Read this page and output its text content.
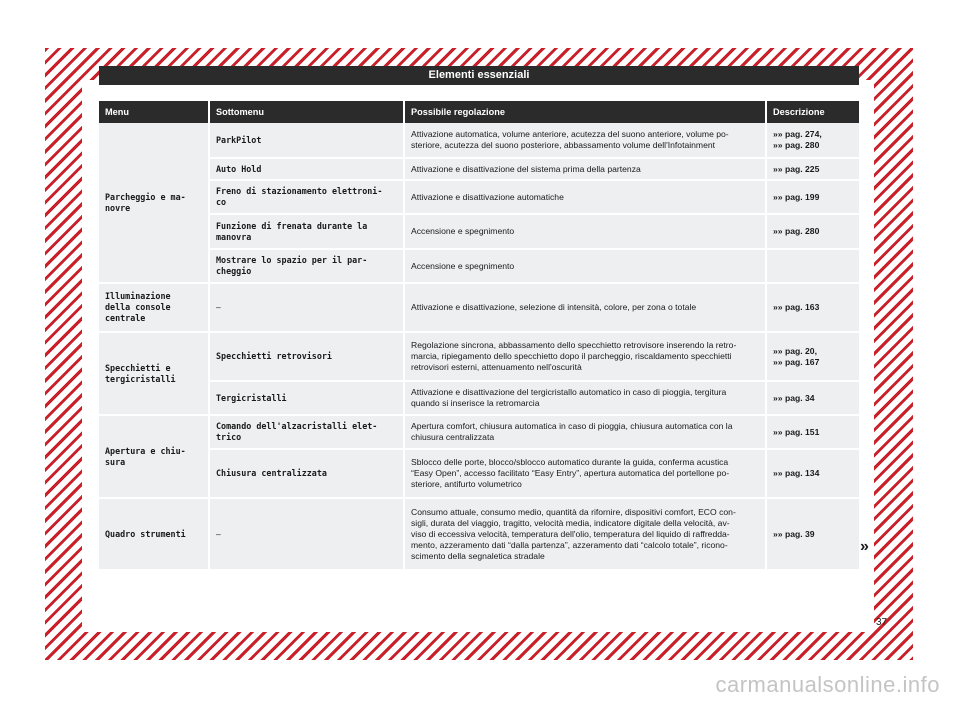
Elementi essenziali
Menu	Sottomenu	Possibile regolazione	Descrizione
Parcheggio e ma-
novre	ParkPilot	Attivazione automatica, volume anteriore, acutezza del suono anteriore, volume po-
steriore, acutezza del suono posteriore, abbassamento volume dell'Infotainment	»» pag. 274,
»» pag. 280

	Auto Hold	Attivazione e disattivazione del sistema prima della partenza	»» pag. 225

	Freno di stazionamento elettroni-
co	Attivazione e disattivazione automatiche	»» pag. 199

	Funzione di frenata durante la
manovra	Accensione e spegnimento	»» pag. 280

	Mostrare lo spazio per il par-
cheggio	Accensione e spegnimento	
Illuminazione
della console
centrale	–	Attivazione e disattivazione, selezione di intensità, colore, per zona o totale	»» pag. 163

Specchietti e
tergicristalli	Specchietti retrovisori	Regolazione sincrona, abbassamento dello specchietto retrovisore inserendo la retro-
marcia, ripiegamento dello specchietto dopo il parcheggio, riscaldamento specchietti
retrovisori esterni, attenuamento nell'oscurità	»» pag. 20,
»» pag. 167

	Tergicristalli	Attivazione e disattivazione del tergicristallo automatico in caso di pioggia, tergitura
quando si inserisce la retromarcia	»» pag. 34

Apertura e chiu-
sura	Comando dell'alzacristalli elet-
trico	Apertura comfort, chiusura automatica in caso di pioggia, chiusura automatica con la
chiusura centralizzata	»» pag. 151

	Chiusura centralizzata	Sblocco delle porte, blocco/sblocco automatico durante la guida, conferma acustica
“Easy Open”, accesso facilitato “Easy Entry”, apertura automatica del portellone po-
steriore, antifurto volumetrico	»» pag. 134

Quadro strumenti	–	Consumo attuale, consumo medio, quantità da rifornire, dispositivi comfort, ECO con-
sigli, durata del viaggio, tragitto, velocità media, indicatore digitale della velocità, av-
viso di eccessiva velocità, temperatura dell'olio, temperatura del liquido di raffredda-
mento, azzeramento dati “dalla partenza”, azzeramento dati “calcolo totale”, ricono-
scimento della segnaletica stradale	»» pag. 39
»
37
carmanualsonline.info
